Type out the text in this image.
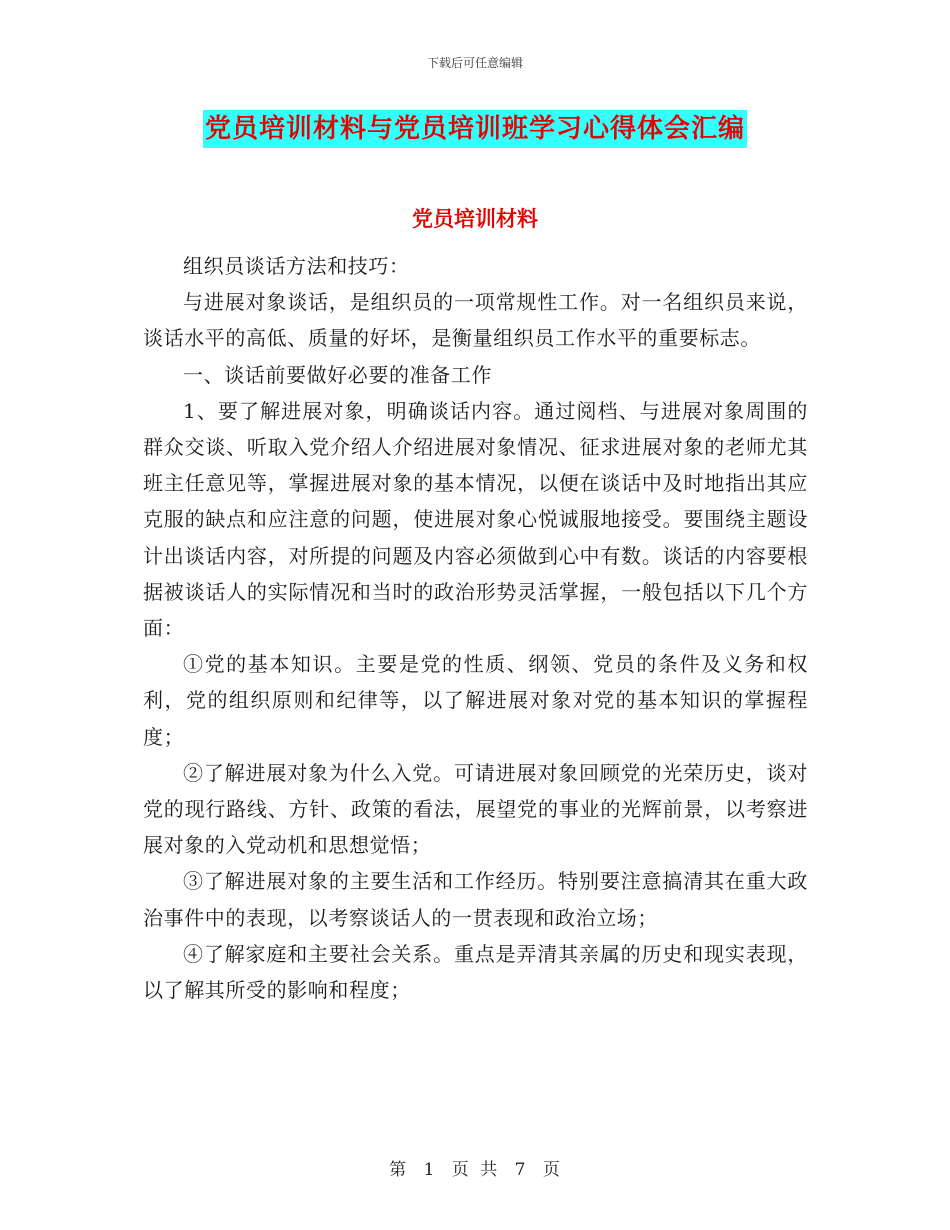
下载后可任意编辑
党员培训材料与党员培训班学习心得体会汇编
党员培训材料

组织员谈话方法和技巧：

与进展对象谈话，是组织员的一项常规性工作。对一名组织员来说，谈话水平的高低、质量的好坏，是衡量组织员工作水平的重要标志。

一、谈话前要做好必要的准备工作

1、要了解进展对象，明确谈话内容。通过阅档、与进展对象周围的群众交谈、听取入党介绍人介绍进展对象情况、征求进展对象的老师尤其班主任意见等，掌握进展对象的基本情况，以便在谈话中及时地指出其应克服的缺点和应注意的问题，使进展对象心悦诚服地接受。要围绕主题设计出谈话内容，对所提的问题及内容必须做到心中有数。谈话的内容要根据被谈话人的实际情况和当时的政治形势灵活掌握，一般包括以下几个方面：

①党的基本知识。主要是党的性质、纲领、党员的条件及义务和权利，党的组织原则和纪律等，以了解进展对象对党的基本知识的掌握程度；

②了解进展对象为什么入党。可请进展对象回顾党的光荣历史，谈对党的现行路线、方针、政策的看法，展望党的事业的光辉前景，以考察进展对象的入党动机和思想觉悟；

③了解进展对象的主要生活和工作经历。特别要注意搞清其在重大政治事件中的表现，以考察谈话人的一贯表现和政治立场；

④了解家庭和主要社会关系。重点是弄清其亲属的历史和现实表现，以了解其所受的影响和程度；

第 1 页 共 7 页
